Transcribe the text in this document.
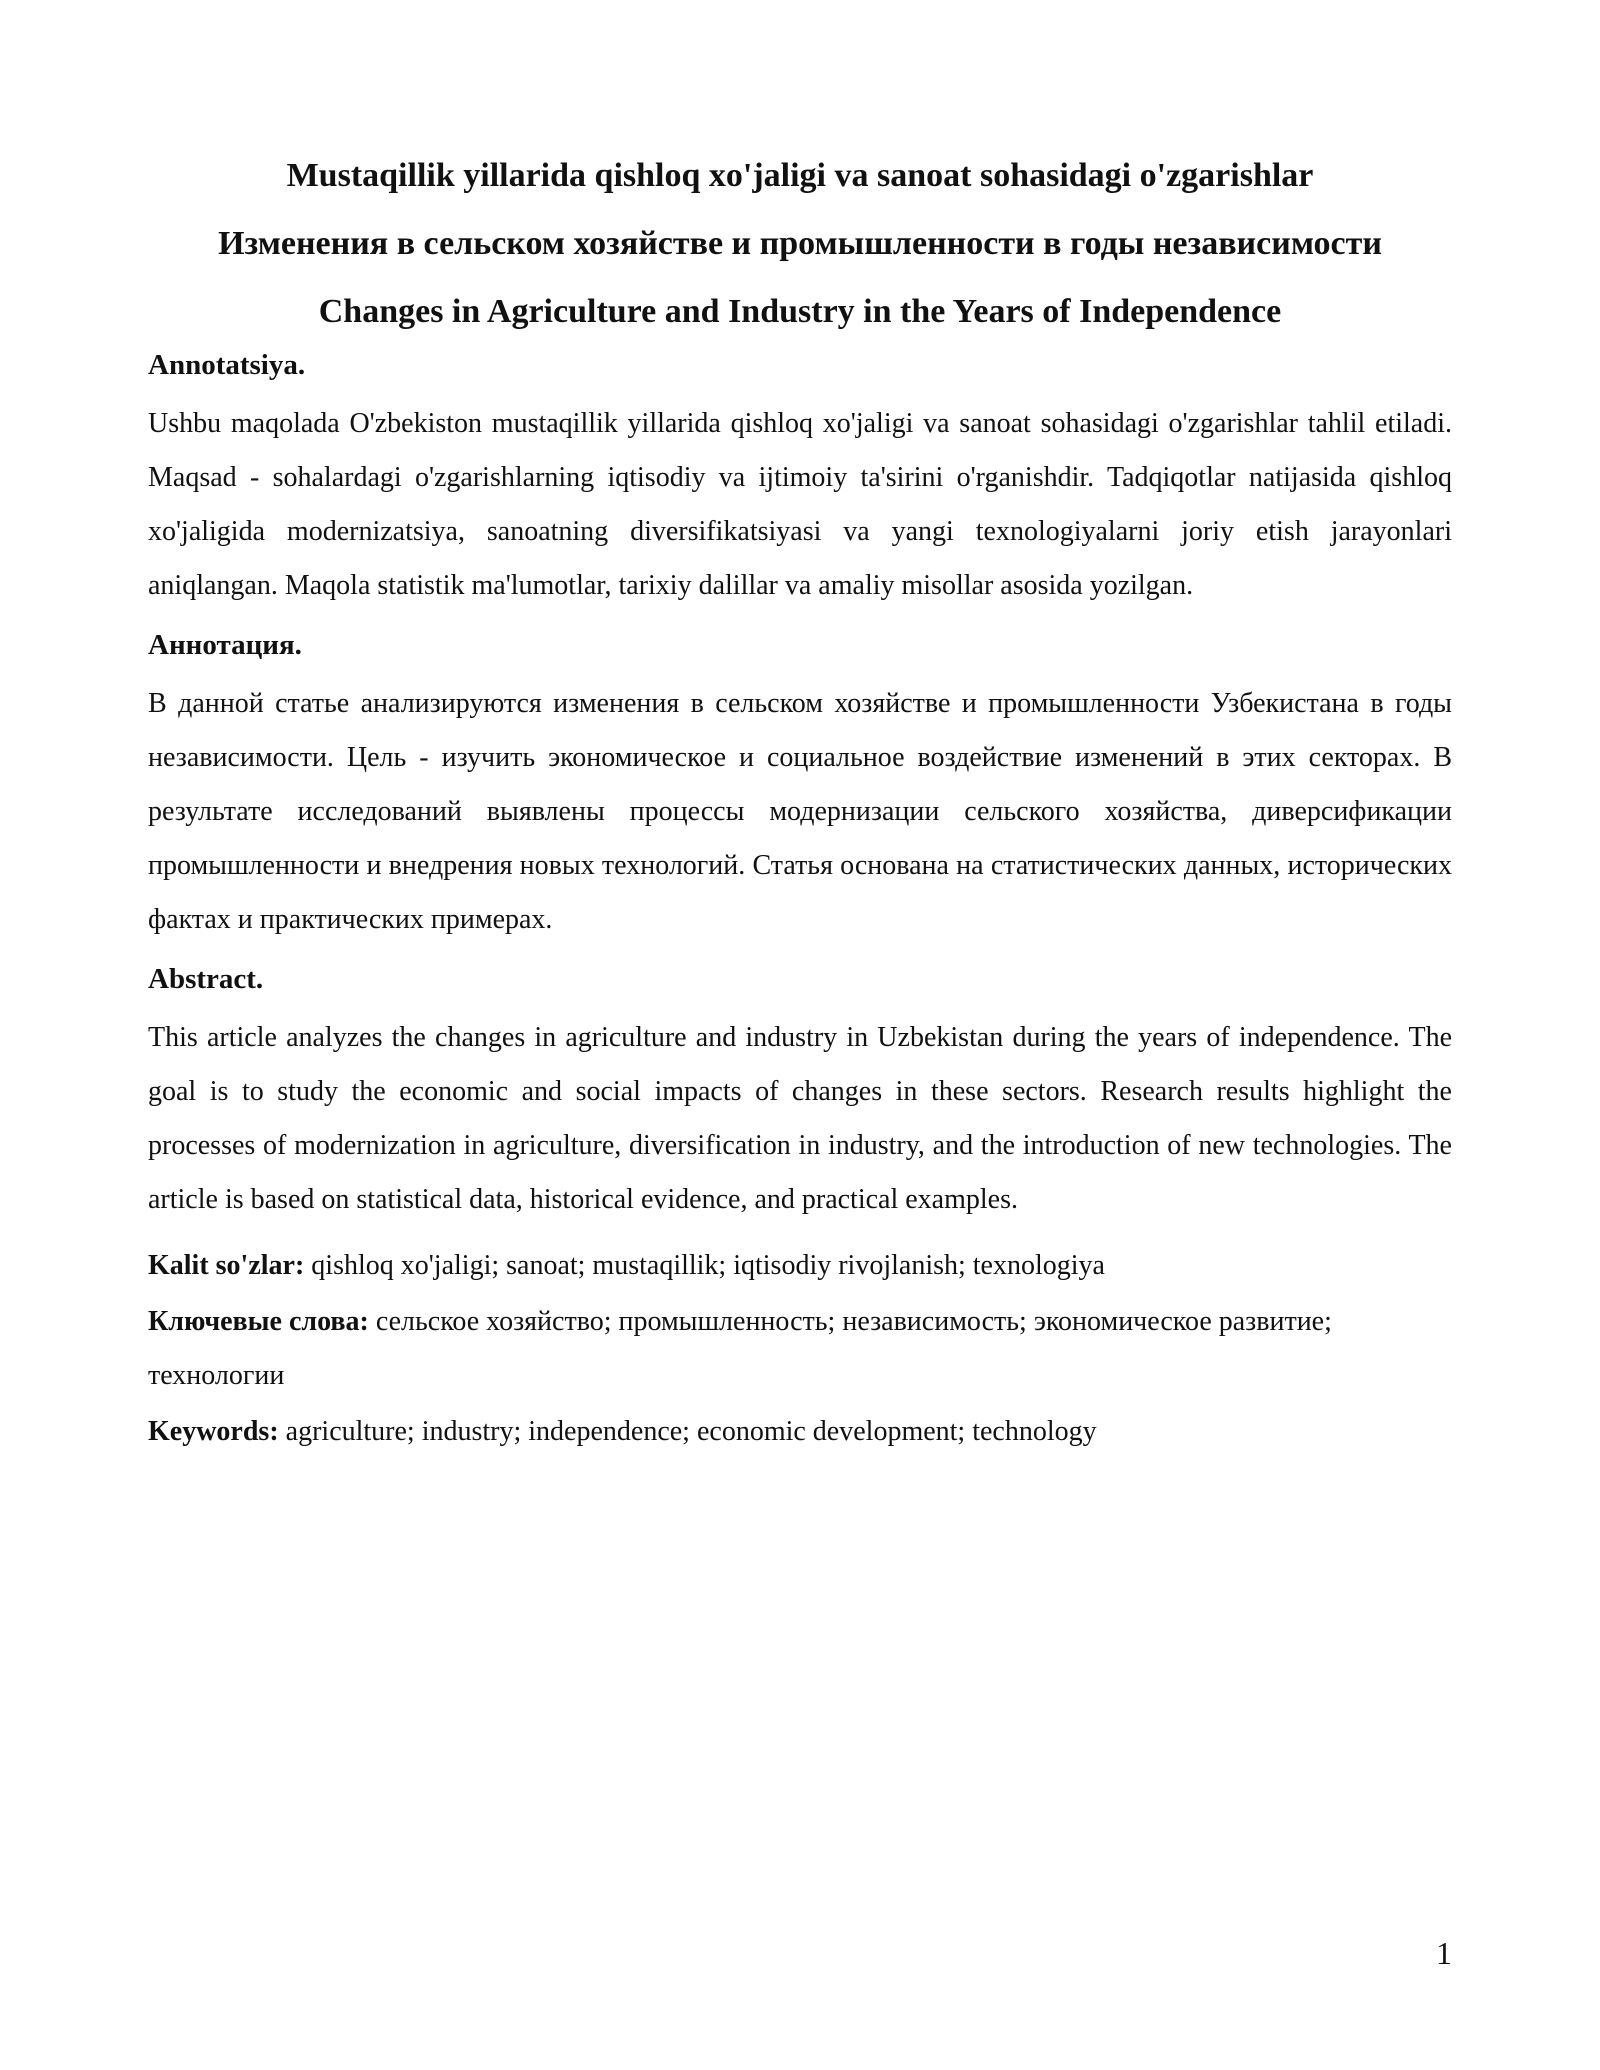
Mustaqillik yillarida qishloq xo'jaligi va sanoat sohasidagi o'zgarishlar

Изменения в сельском хозяйстве и промышленности в годы независимости

Changes in Agriculture and Industry in the Years of Independence

Annotatsiya.

Ushbu maqolada O'zbekiston mustaqillik yillarida qishloq xo'jaligi va sanoat sohasidagi o'zgarishlar tahlil etiladi. Maqsad - sohalardagi o'zgarishlarning iqtisodiy va ijtimoiy ta'sirini o'rganishdir. Tadqiqotlar natijasida qishloq xo'jaligida modernizatsiya, sanoatning diversifikatsiyasi va yangi texnologiyalarni joriy etish jarayonlari aniqlangan. Maqola statistik ma'lumotlar, tarixiy dalillar va amaliy misollar asosida yozilgan.

Аннотация.

В данной статье анализируются изменения в сельском хозяйстве и промышленности Узбекистана в годы независимости. Цель - изучить экономическое и социальное воздействие изменений в этих секторах. В результате исследований выявлены процессы модернизации сельского хозяйства, диверсификации промышленности и внедрения новых технологий. Статья основана на статистических данных, исторических фактах и практических примерах.

Abstract.

This article analyzes the changes in agriculture and industry in Uzbekistan during the years of independence. The goal is to study the economic and social impacts of changes in these sectors. Research results highlight the processes of modernization in agriculture, diversification in industry, and the introduction of new technologies. The article is based on statistical data, historical evidence, and practical examples.

Kalit so'zlar: qishloq xo'jaligi; sanoat; mustaqillik; iqtisodiy rivojlanish; texnologiya

Ключевые слова: сельское хозяйство; промышленность; независимость; экономическое развитие; технологии

Keywords: agriculture; industry; independence; economic development; technology

1
